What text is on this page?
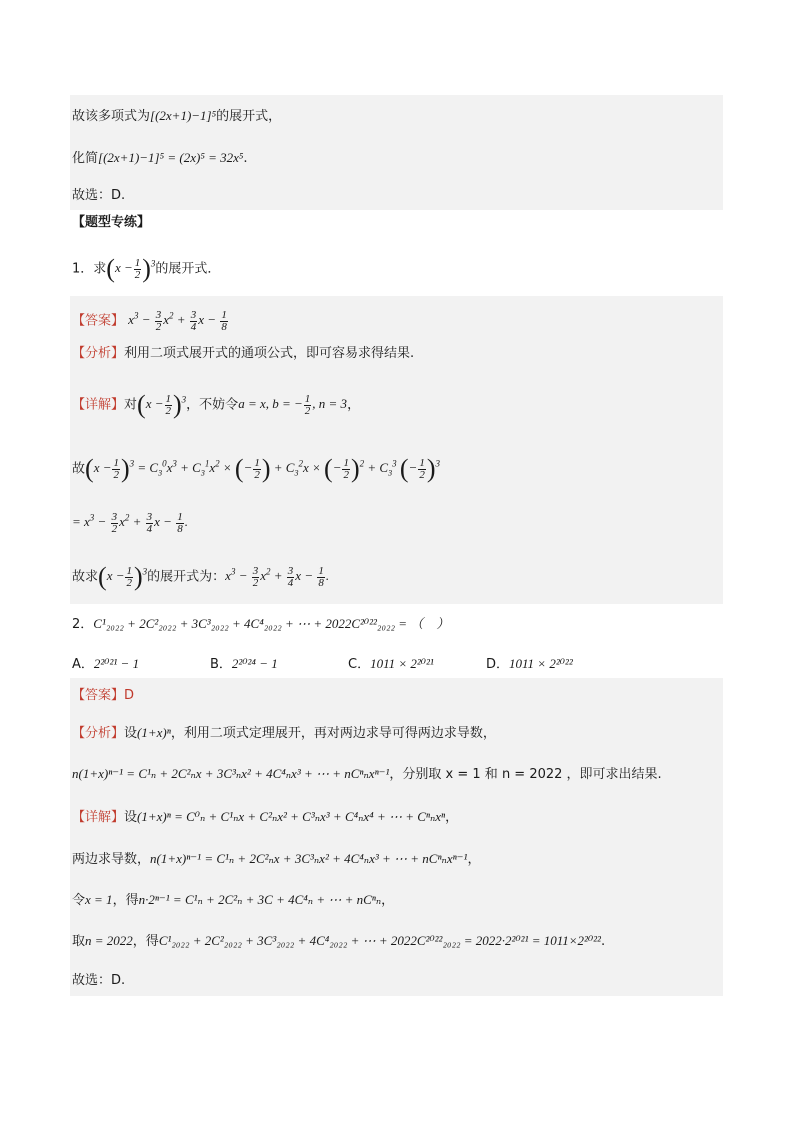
故该多项式为[(2x+1)−1]⁵的展开式，
化简[(2x+1)−1]⁵ = (2x)⁵ = 32x⁵.
故选：D.
【题型专练】
1．求$(x - \frac{1}{2} )^3$的展开式．
【答案】 $x^3 - \frac{3}{2} x^2 + \frac{3}{4}$ $x - \frac{1}{8}$
【分析】利用二项式展开式的通项公式，即可容易求得结果.
【详解】对$(x - \frac{1}{2} )^3$，不妨令a = x, b = − $\frac{1}{2}$ , n = 3，
故$(x - \frac{1}{2} )^3 = C_3^0x^3 + C_3^1x^2$ × (− $\frac{1}{2}$ ) + $C_3^2x$ × (− $\frac{1}{2} )^2 + C_3^3$ (− $\frac{1}{2} )^3$
= $x^3 - \frac{3}{2} x^2 + \frac{3}{4}$ $x - \frac{1}{8}$ .
故求$(x - \frac{1}{2} )^3$的展开式为：$x^3 - \frac{3}{2} x^2 + \frac{3}{4}$ $x - \frac{1}{8}$ .
2．C¹₂₀₂₂ + 2C²₂₀₂₂ + 3C³₂₀₂₂ + 4C⁴₂₀₂₂ + ⋯ + 2022C²⁰²²₂₀₂₂ = （　）
A．2²⁰²¹ − 1	B．2²⁰²⁴ − 1	C．1011 × 2²⁰²¹	D．1011 × 2²⁰²²
【答案】D
【分析】设(1+x)ⁿ，利用二项式定理展开，再对两边求导可得两边求导数，
n(1+x)ⁿ⁻¹ = C¹ₙ + 2C²ₙx + 3C³ₙx² + 4C⁴ₙx³ + ⋯ + nCⁿₙxⁿ⁻¹，分别取 x = 1 和 n = 2022 ，即可求出结果.
【详解】设(1+x)ⁿ = C⁰ₙ + C¹ₙx + C²ₙx² + C³ₙx³ + C⁴ₙx⁴ + ⋯ + Cⁿₙxⁿ，
两边求导数，n(1+x)ⁿ⁻¹ = C¹ₙ + 2C²ₙx + 3C³ₙx² + 4C⁴ₙx³ + ⋯ + nCⁿₙxⁿ⁻¹，
令x = 1，得n·2ⁿ⁻¹ = C¹ₙ + 2C²ₙ + 3C + 4C⁴ₙ + ⋯ + nCⁿₙ，
取n = 2022，得C¹₂₀₂₂ + 2C²₂₀₂₂ + 3C³₂₀₂₂ + 4C⁴₂₀₂₂ + ⋯ + 2022C²⁰²²₂₀₂₂ = 2022·2²⁰²¹ = 1011×2²⁰²².
故选：D.
